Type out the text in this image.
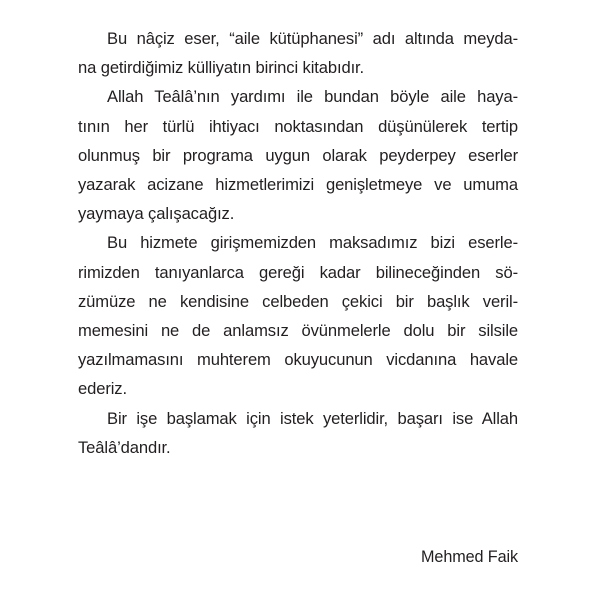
Bu nâçiz eser, “aile kütüphanesi” adı altında meyda-
na getirdiğimiz külliyatın birinci kitabıdır.

Allah Teâlâ’nın yardımı ile bundan böyle aile haya-
tının her türlü ihtiyacı noktasından düşünülerek tertip
olunmuş bir programa uygun olarak peyderpey eserler
yazarak acizane hizmetlerimizi genişletmeye ve umuma
yaymaya çalışacağız.

Bu hizmete girişmemizden maksadımız bizi eserle-
rimizden tanıyanlarca gereği kadar bilineceğinden sö-
zümüze ne kendisine celbeden çekici bir başlık veril-
memesini ne de anlamsız övünmelerle dolu bir silsile
yazılmamasını muhterem okuyucunun vicdanına havale
ederiz.

Bir işe başlamak için istek yeterlidir, başarı ise Allah
Teâlâ’dandır.

Mehmed Faik
